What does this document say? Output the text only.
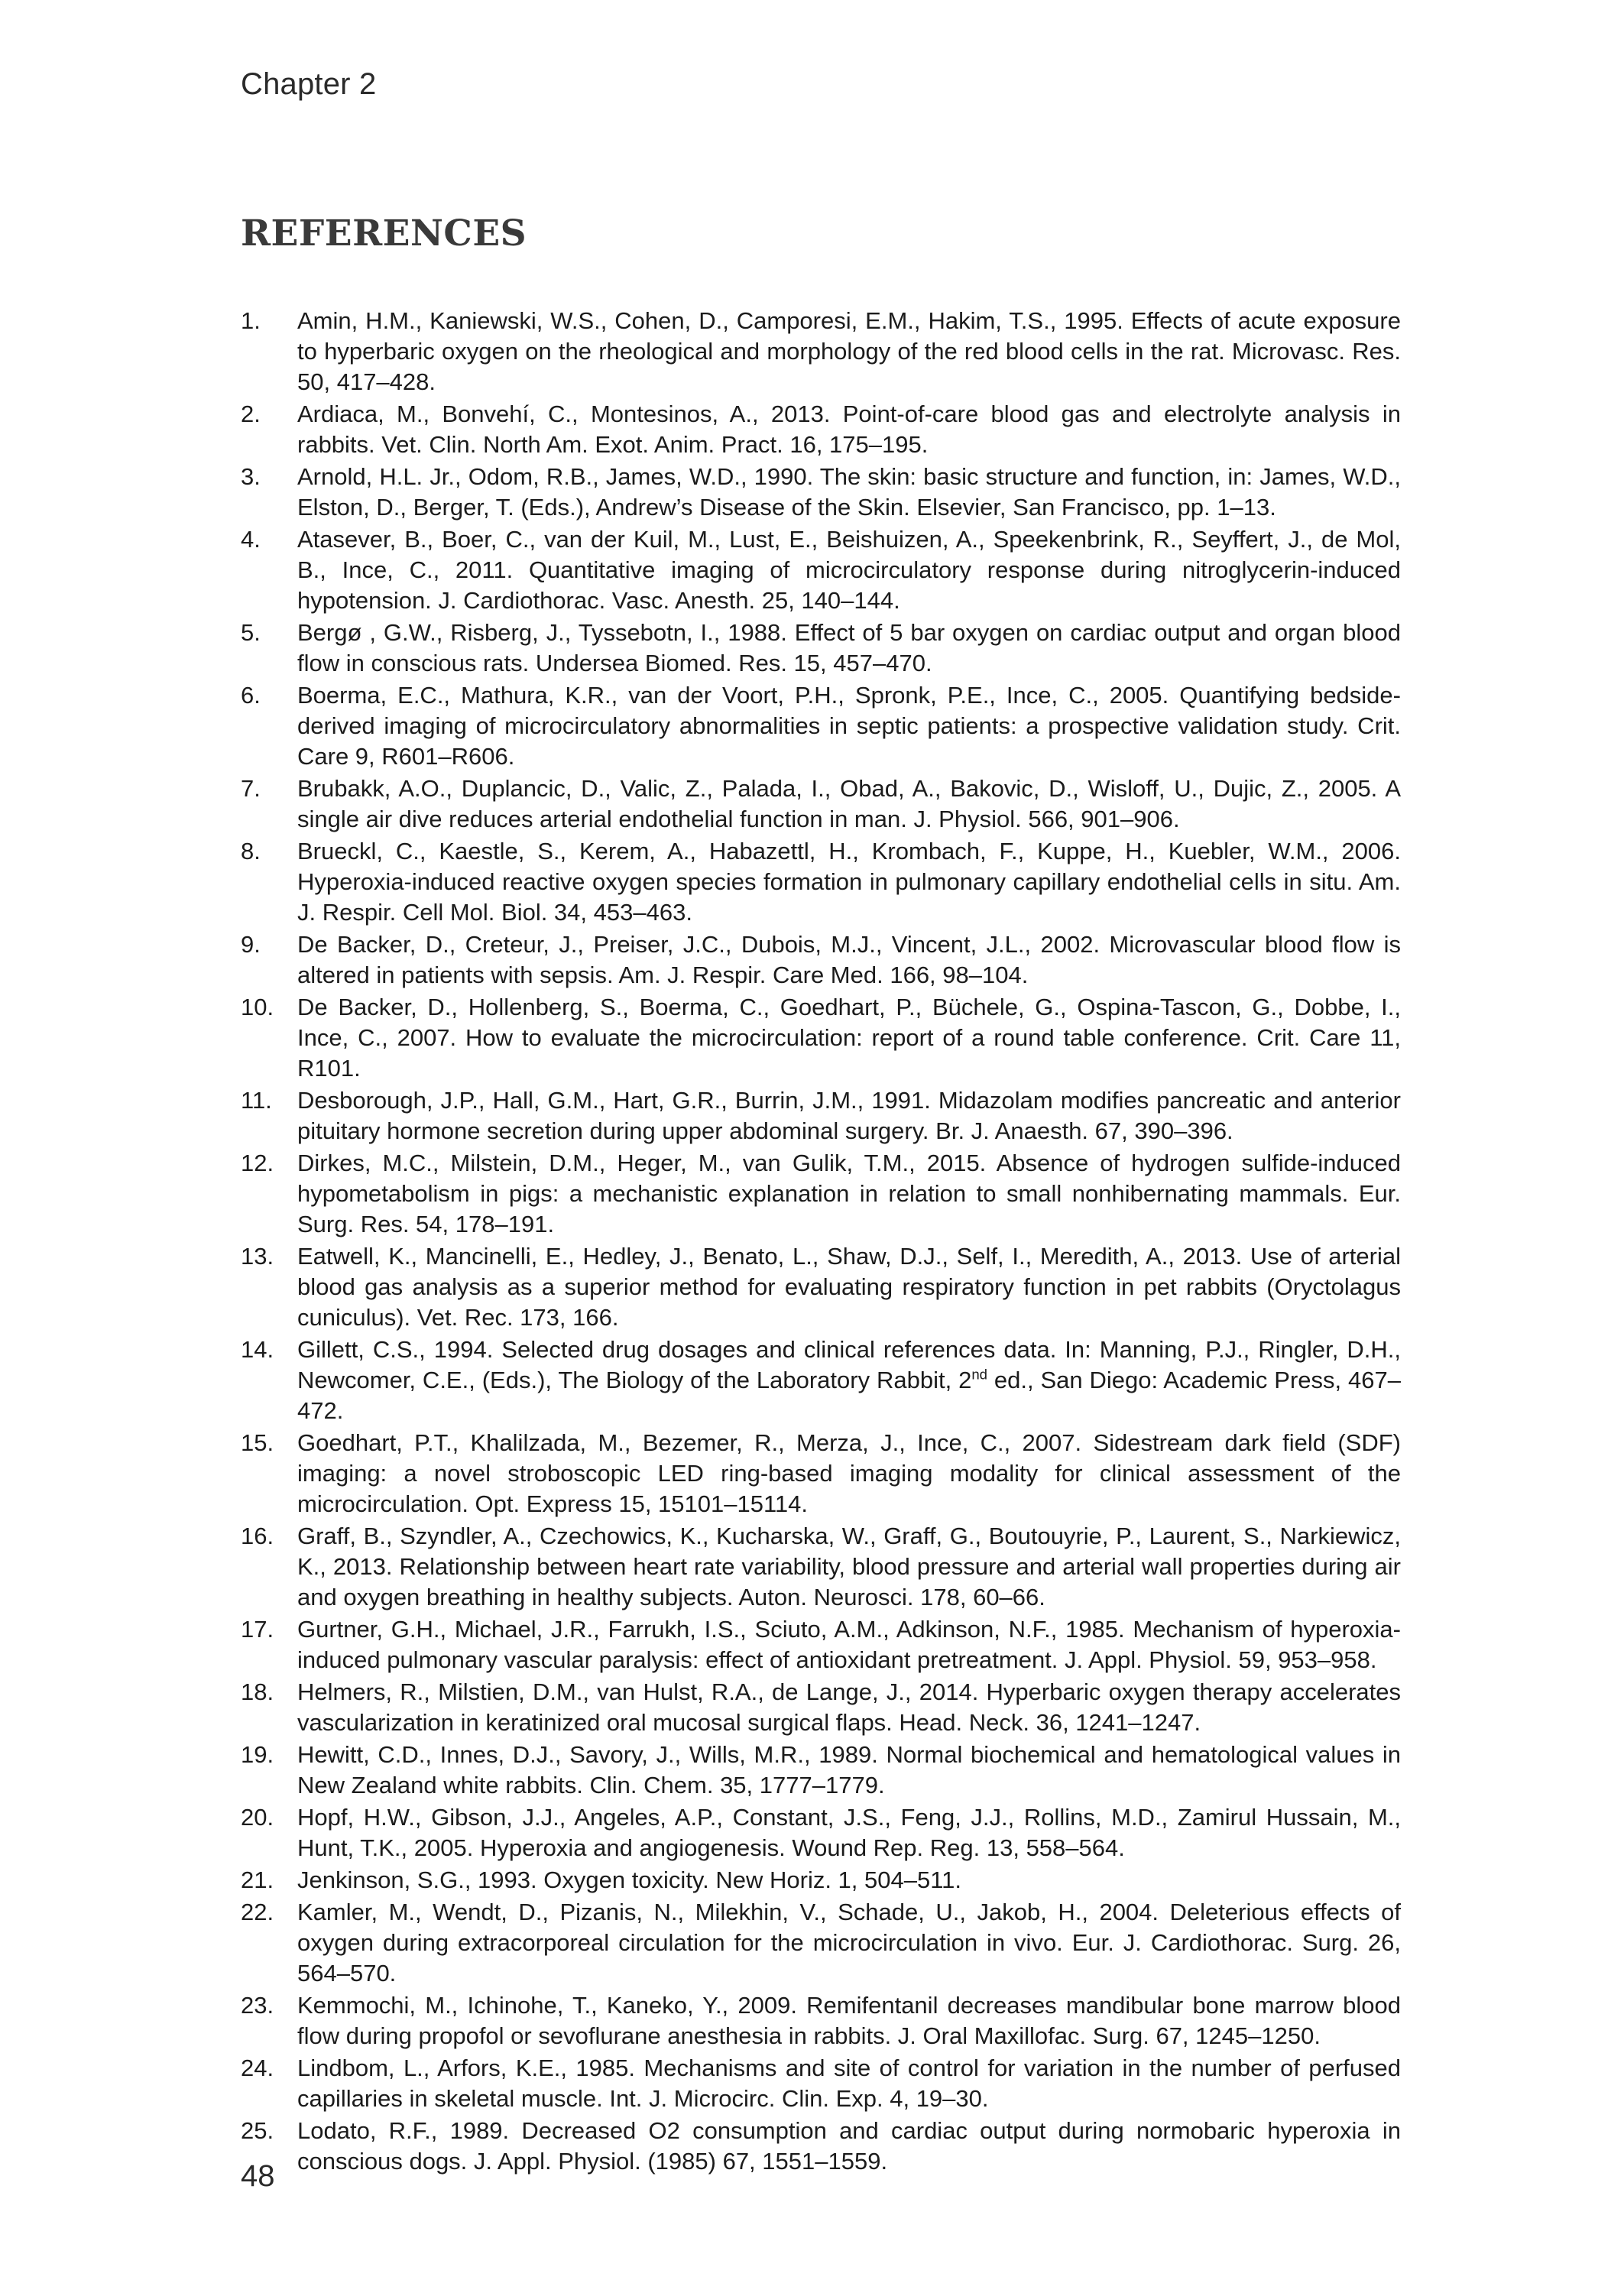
Chapter 2
REFERENCES
1.	Amin, H.M., Kaniewski, W.S., Cohen, D., Camporesi, E.M., Hakim, T.S., 1995. Effects of acute exposure to hyperbaric oxygen on the rheological and morphology of the red blood cells in the rat. Microvasc. Res. 50, 417–428.
2.	Ardiaca, M., Bonvehí, C., Montesinos, A., 2013. Point-of-care blood gas and electrolyte analysis in rabbits. Vet. Clin. North Am. Exot. Anim. Pract. 16, 175–195.
3.	Arnold, H.L. Jr., Odom, R.B., James, W.D., 1990. The skin: basic structure and function, in: James, W.D., Elston, D., Berger, T. (Eds.), Andrew’s Disease of the Skin. Elsevier, San Francisco, pp. 1–13.
4.	Atasever, B., Boer, C., van der Kuil, M., Lust, E., Beishuizen, A., Speekenbrink, R., Seyffert, J., de Mol, B., Ince, C., 2011. Quantitative imaging of microcirculatory response during nitroglycerin-induced hypotension. J. Cardiothorac. Vasc. Anesth. 25, 140–144.
5.	Bergø , G.W., Risberg, J., Tyssebotn, I., 1988. Effect of 5 bar oxygen on cardiac output and organ blood flow in conscious rats. Undersea Biomed. Res. 15, 457–470.
6.	Boerma, E.C., Mathura, K.R., van der Voort, P.H., Spronk, P.E., Ince, C., 2005. Quantifying bedside-derived imaging of microcirculatory abnormalities in septic patients: a prospective validation study. Crit. Care 9, R601–R606.
7.	Brubakk, A.O., Duplancic, D., Valic, Z., Palada, I., Obad, A., Bakovic, D., Wisloff, U., Dujic, Z., 2005. A single air dive reduces arterial endothelial function in man. J. Physiol. 566, 901–906.
8.	Brueckl, C., Kaestle, S., Kerem, A., Habazettl, H., Krombach, F., Kuppe, H., Kuebler, W.M., 2006. Hyperoxia-induced reactive oxygen species formation in pulmonary capillary endothelial cells in situ. Am. J. Respir. Cell Mol. Biol. 34, 453–463.
9.	De Backer, D., Creteur, J., Preiser, J.C., Dubois, M.J., Vincent, J.L., 2002. Microvascular blood flow is altered in patients with sepsis. Am. J. Respir. Care Med. 166, 98–104.
10. De Backer, D., Hollenberg, S., Boerma, C., Goedhart, P., Büchele, G., Ospina-Tascon, G., Dobbe, I., Ince, C., 2007. How to evaluate the microcirculation: report of a round table conference. Crit. Care 11, R101.
11.	Desborough, J.P., Hall, G.M., Hart, G.R., Burrin, J.M., 1991. Midazolam modifies pancreatic and anterior pituitary hormone secretion during upper abdominal surgery. Br. J. Anaesth. 67, 390–396.
12. Dirkes, M.C., Milstein, D.M., Heger, M., van Gulik, T.M., 2015. Absence of hydrogen sulfide-induced hypometabolism in pigs: a mechanistic explanation in relation to small nonhibernating mammals. Eur. Surg. Res. 54, 178–191.
13. Eatwell, K., Mancinelli, E., Hedley, J., Benato, L., Shaw, D.J., Self, I., Meredith, A., 2013. Use of arterial blood gas analysis as a superior method for evaluating respiratory function in pet rabbits (Oryctolagus cuniculus). Vet. Rec. 173, 166.
14. Gillett, C.S., 1994. Selected drug dosages and clinical references data. In: Manning, P.J., Ringler, D.H., Newcomer, C.E., (Eds.), The Biology of the Laboratory Rabbit, 2nd ed., San Diego: Academic Press, 467–472.
15. Goedhart, P.T., Khalilzada, M., Bezemer, R., Merza, J., Ince, C., 2007. Sidestream dark field (SDF) imaging: a novel stroboscopic LED ring-based imaging modality for clinical assessment of the microcirculation. Opt. Express 15, 15101–15114.
16. Graff, B., Szyndler, A., Czechowics, K., Kucharska, W., Graff, G., Boutouyrie, P., Laurent, S., Narkiewicz, K., 2013. Relationship between heart rate variability, blood pressure and arterial wall properties during air and oxygen breathing in healthy subjects. Auton. Neurosci. 178, 60–66.
17. Gurtner, G.H., Michael, J.R., Farrukh, I.S., Sciuto, A.M., Adkinson, N.F., 1985. Mechanism of hyperoxia-induced pulmonary vascular paralysis: effect of antioxidant pretreatment. J. Appl. Physiol. 59, 953–958.
18. Helmers, R., Milstien, D.M., van Hulst, R.A., de Lange, J., 2014. Hyperbaric oxygen therapy accelerates vascularization in keratinized oral mucosal surgical flaps. Head. Neck. 36, 1241–1247.
19. Hewitt, C.D., Innes, D.J., Savory, J., Wills, M.R., 1989. Normal biochemical and hematological values in New Zealand white rabbits. Clin. Chem. 35, 1777–1779.
20. Hopf, H.W., Gibson, J.J., Angeles, A.P., Constant, J.S., Feng, J.J., Rollins, M.D., Zamirul Hussain, M., Hunt, T.K., 2005. Hyperoxia and angiogenesis. Wound Rep. Reg. 13, 558–564.
21. Jenkinson, S.G., 1993. Oxygen toxicity. New Horiz. 1, 504–511.
22. Kamler, M., Wendt, D., Pizanis, N., Milekhin, V., Schade, U., Jakob, H., 2004. Deleterious effects of oxygen during extracorporeal circulation for the microcirculation in vivo. Eur. J. Cardiothorac. Surg. 26, 564–570.
23. Kemmochi, M., Ichinohe, T., Kaneko, Y., 2009. Remifentanil decreases mandibular bone marrow blood flow during propofol or sevoflurane anesthesia in rabbits. J. Oral Maxillofac. Surg. 67, 1245–1250.
24. Lindbom, L., Arfors, K.E., 1985. Mechanisms and site of control for variation in the number of perfused capillaries in skeletal muscle. Int. J. Microcirc. Clin. Exp. 4, 19–30.
25. Lodato, R.F., 1989. Decreased O2 consumption and cardiac output during normobaric hyperoxia in conscious dogs. J. Appl. Physiol. (1985) 67, 1551–1559.
48
